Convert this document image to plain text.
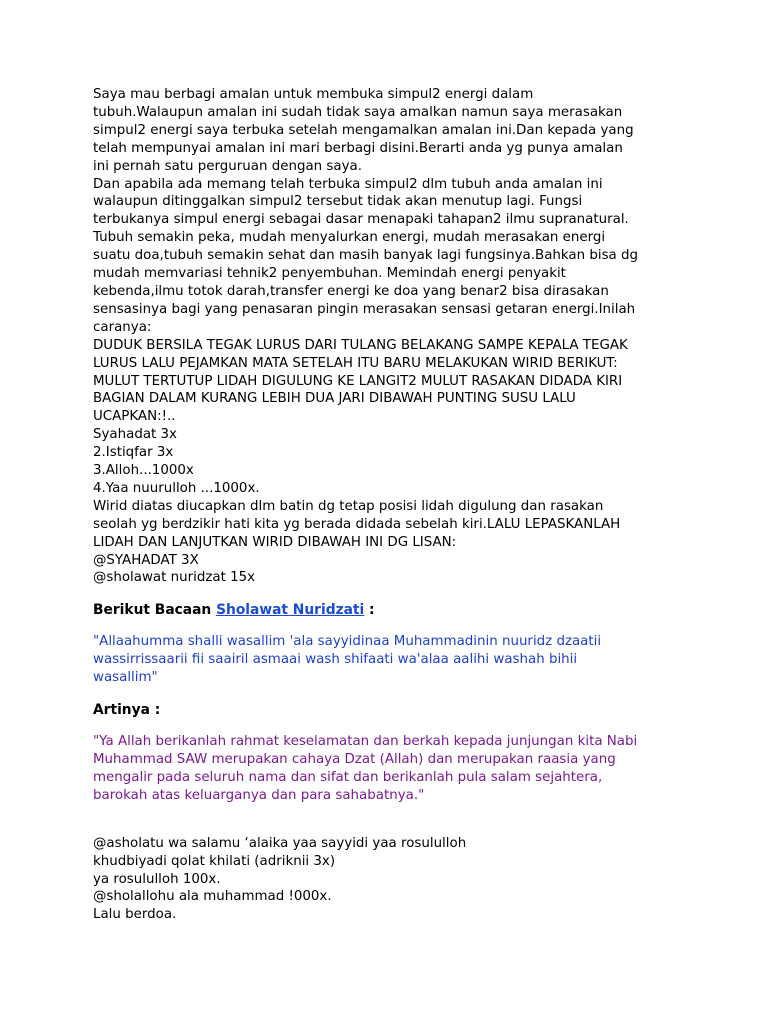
Saya mau berbagi amalan untuk membuka simpul2 energi dalam
tubuh.Walaupun amalan ini sudah tidak saya amalkan namun saya merasakan
simpul2 energi saya terbuka setelah mengamalkan amalan ini.Dan kepada yang
telah mempunyai amalan ini mari berbagi disini.Berarti anda yg punya amalan
ini pernah satu perguruan dengan saya.
Dan apabila ada memang telah terbuka simpul2 dlm tubuh anda amalan ini
walaupun ditinggalkan simpul2 tersebut tidak akan menutup lagi. Fungsi
terbukanya simpul energi sebagai dasar menapaki tahapan2 ilmu supranatural.
Tubuh semakin peka, mudah menyalurkan energi, mudah merasakan energi
suatu doa,tubuh semakin sehat dan masih banyak lagi fungsinya.Bahkan bisa dg
mudah memvariasi tehnik2 penyembuhan. Memindah energi penyakit
kebenda,ilmu totok darah,transfer energi ke doa yang benar2 bisa dirasakan
sensasinya bagi yang penasaran pingin merasakan sensasi getaran energi.Inilah
caranya:
DUDUK BERSILA TEGAK LURUS DARI TULANG BELAKANG SAMPE KEPALA TEGAK
LURUS LALU PEJAMKAN MATA SETELAH ITU BARU MELAKUKAN WIRID BERIKUT:
MULUT TERTUTUP LIDAH DIGULUNG KE LANGIT2 MULUT RASAKAN DIDADA KIRI
BAGIAN DALAM KURANG LEBIH DUA JARI DIBAWAH PUNTING SUSU LALU
UCAPKAN:!..
Syahadat 3x
2.Istiqfar 3x
3.Alloh...1000x
4.Yaa nuurulloh ...1000x.
Wirid diatas diucapkan dlm batin dg tetap posisi lidah digulung dan rasakan
seolah yg berdzikir hati kita yg berada didada sebelah kiri.LALU LEPASKANLAH
LIDAH DAN LANJUTKAN WIRID DIBAWAH INI DG LISAN:
@SYAHADAT 3X
@sholawat nuridzat 15x
Berikut Bacaan Sholawat Nuridzati :
"Allaahumma shalli wasallim 'ala sayyidinaa Muhammadinin nuuridz dzaatii
wassirrissaarii fii saairil asmaai wash shifaati wa'alaa aalihi washah bihii
wasallim"
Artinya :
"Ya Allah berikanlah rahmat keselamatan dan berkah kepada junjungan kita Nabi
Muhammad SAW merupakan cahaya Dzat (Allah) dan merupakan raasia yang
mengalir pada seluruh nama dan sifat dan berikanlah pula salam sejahtera,
barokah atas keluarganya dan para sahabatnya."
@asholatu wa salamu ‘alaika yaa sayyidi yaa rosululloh
khudbiyadi qolat khilati (adriknii 3x)
ya rosululloh 100x.
@sholallohu ala muhammad !000x.
Lalu berdoa.
